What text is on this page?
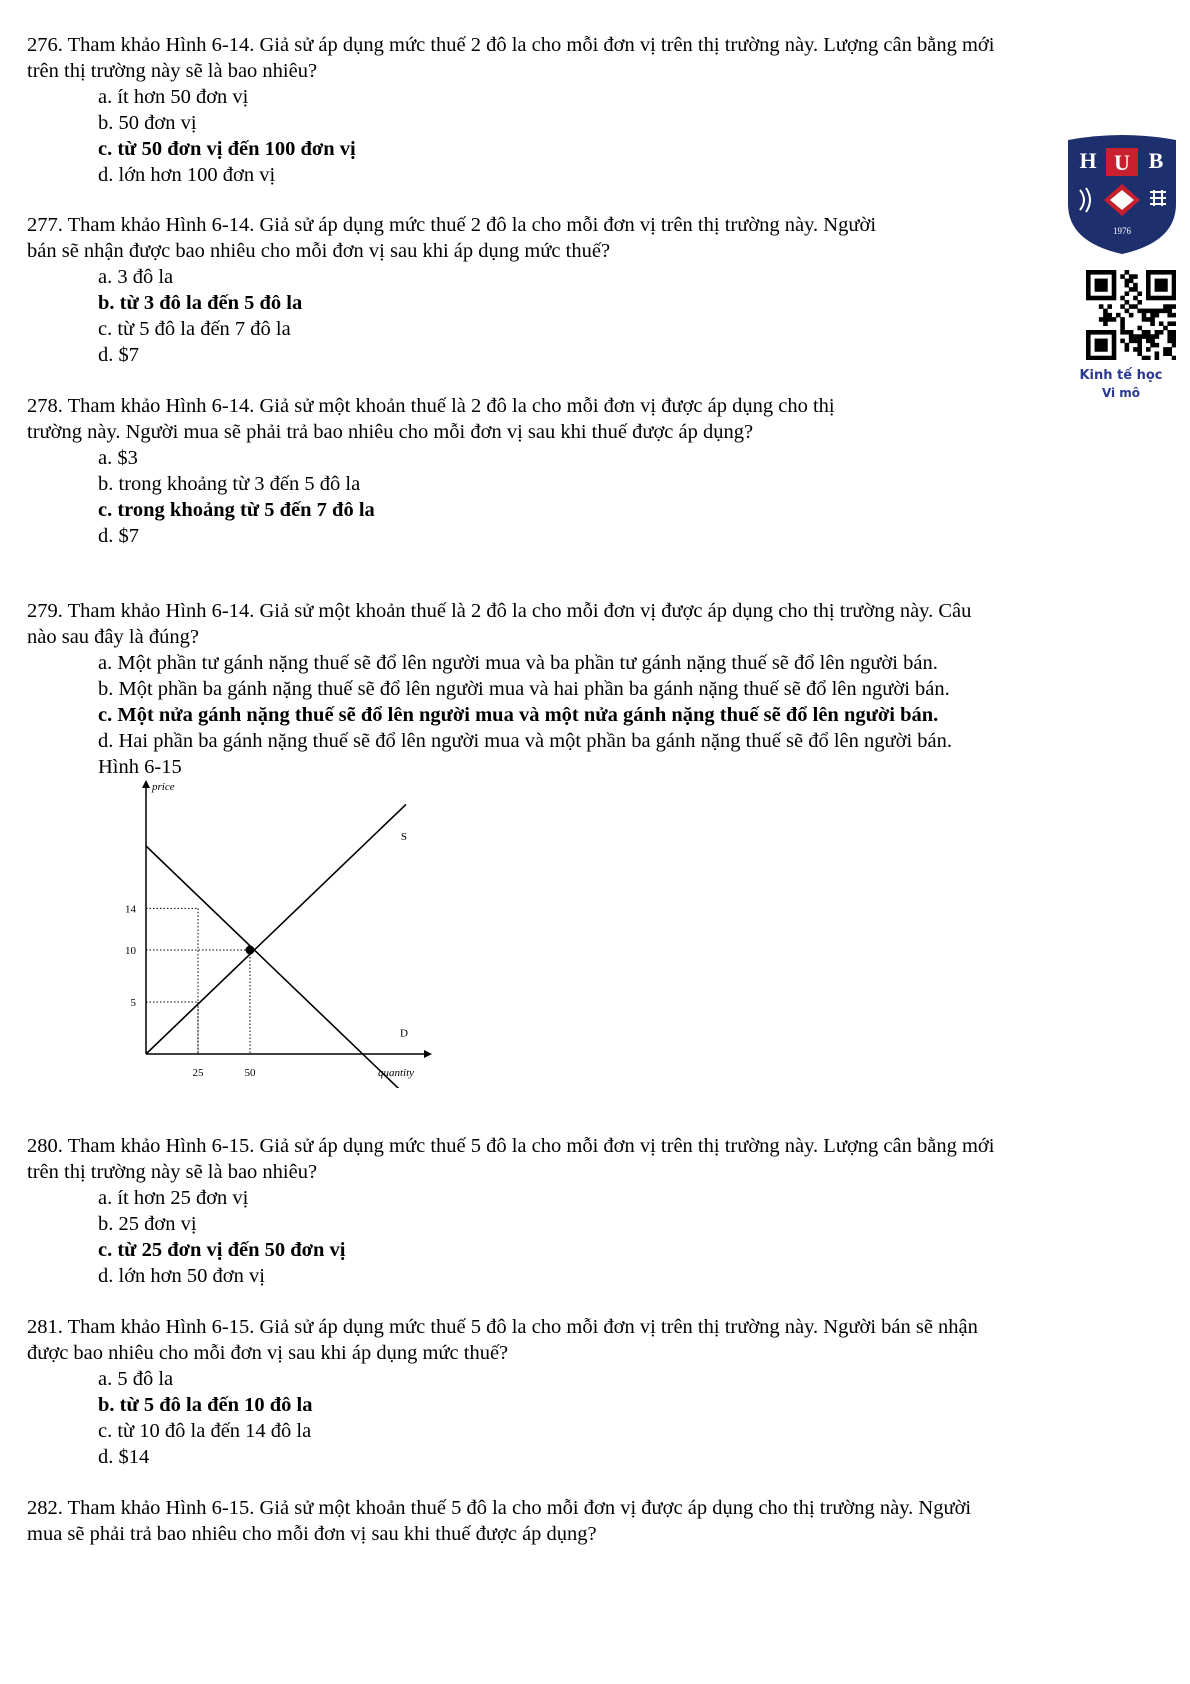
276. Tham khảo Hình 6-14. Giả sử áp dụng mức thuế 2 đô la cho mỗi đơn vị trên thị trường này. Lượng cân bằng mới
trên thị trường này sẽ là bao nhiêu?
a. ít hơn 50 đơn vị
b. 50 đơn vị
c. từ 50 đơn vị đến 100 đơn vị
d. lớn hơn 100 đơn vị
277. Tham khảo Hình 6-14. Giả sử áp dụng mức thuế 2 đô la cho mỗi đơn vị trên thị trường này. Người
bán sẽ nhận được bao nhiêu cho mỗi đơn vị sau khi áp dụng mức thuế?
a. 3 đô la
b. từ 3 đô la đến 5 đô la
c. từ 5 đô la đến 7 đô la
d. $7
278. Tham khảo Hình 6-14. Giả sử một khoản thuế là 2 đô la cho mỗi đơn vị được áp dụng cho thị
trường này. Người mua sẽ phải trả bao nhiêu cho mỗi đơn vị sau khi thuế được áp dụng?
a. $3
b. trong khoảng từ 3 đến 5 đô la
c. trong khoảng từ 5 đến 7 đô la
d. $7
279. Tham khảo Hình 6-14. Giả sử một khoản thuế là 2 đô la cho mỗi đơn vị được áp dụng cho thị trường này. Câu
nào sau đây là đúng?
a. Một phần tư gánh nặng thuế sẽ đổ lên người mua và ba phần tư gánh nặng thuế sẽ đổ lên người bán.
b. Một phần ba gánh nặng thuế sẽ đổ lên người mua và hai phần ba gánh nặng thuế sẽ đổ lên người bán.
c. Một nửa gánh nặng thuế sẽ đổ lên người mua và một nửa gánh nặng thuế sẽ đổ lên người bán.
d. Hai phần ba gánh nặng thuế sẽ đổ lên người mua và một phần ba gánh nặng thuế sẽ đổ lên người bán.
Hình 6-15
price
quantity
S
D
5
10
14
25	50
280. Tham khảo Hình 6-15. Giả sử áp dụng mức thuế 5 đô la cho mỗi đơn vị trên thị trường này. Lượng cân bằng mới
trên thị trường này sẽ là bao nhiêu?
a. ít hơn 25 đơn vị
b. 25 đơn vị
c. từ 25 đơn vị đến 50 đơn vị
d. lớn hơn 50 đơn vị
281. Tham khảo Hình 6-15. Giả sử áp dụng mức thuế 5 đô la cho mỗi đơn vị trên thị trường này. Người bán sẽ nhận
được bao nhiêu cho mỗi đơn vị sau khi áp dụng mức thuế?
a. 5 đô la
b. từ 5 đô la đến 10 đô la
c. từ 10 đô la đến 14 đô la
d. $14
282. Tham khảo Hình 6-15. Giả sử một khoản thuế 5 đô la cho mỗi đơn vị được áp dụng cho thị trường này. Người
mua sẽ phải trả bao nhiêu cho mỗi đơn vị sau khi thuế được áp dụng?
H U B
1976
Kinh tế học
Vi mô
